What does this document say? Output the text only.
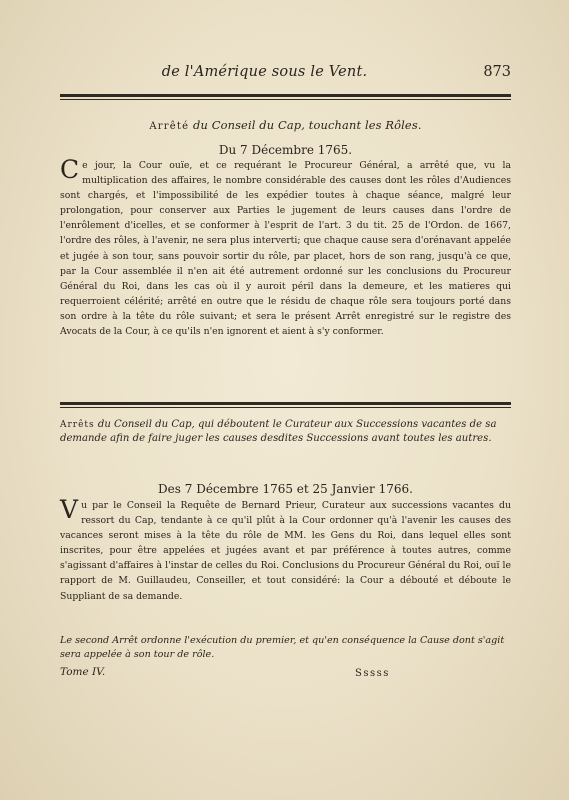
de l'Amérique sous le Vent.	873
Arrêté du Conseil du Cap, touchant les Rôles.
Du 7 Décembre 1765.
Ce jour, la Cour ouïe, et ce requérant le Procureur Général, a arrêté que, vu la multiplication des affaires, le nombre considérable des causes dont les rôles d'Audiences sont chargés, et l'impossibilité de les expédier toutes à chaque séance, malgré leur prolongation, pour conserver aux Parties le jugement de leurs causes dans l'ordre de l'enrôlement d'icelles, et se conformer à l'esprit de l'art. 3 du tit. 25 de l'Ordon. de 1667, l'ordre des rôles, à l'avenir, ne sera plus interverti; que chaque cause sera d'orénavant appelée et jugée à son tour, sans pouvoir sortir du rôle, par placet, hors de son rang, jusqu'à ce que, par la Cour assemblée il n'en ait été autrement ordonné sur les conclusions du Procureur Général du Roi, dans les cas où il y auroit péril dans la demeure, et les matieres qui requerroient célérité; arrêté en outre que le résidu de chaque rôle sera toujours porté dans son ordre à la tête du rôle suivant; et sera le présent Arrêt enregistré sur le registre des Avocats de la Cour, à ce qu'ils n'en ignorent et aient à s'y conformer.
Arrêts du Conseil du Cap, qui déboutent le Curateur aux Successions vacantes de sa demande afin de faire juger les causes desdites Successions avant toutes les autres.
Des 7 Décembre 1765 et 25 Janvier 1766.
Vu par le Conseil la Requête de Bernard Prieur, Curateur aux successions vacantes du ressort du Cap, tendante à ce qu'il plût à la Cour ordonner qu'à l'avenir les causes des vacances seront mises à la tête du rôle de MM. les Gens du Roi, dans lequel elles sont inscrites, pour être appelées et jugées avant et par préférence à toutes autres, comme s'agissant d'affaires à l'instar de celles du Roi. Conclusions du Procureur Général du Roi, ouï le rapport de M. Guillaudeu, Conseiller, et tout considéré: la Cour a débouté et déboute le Suppliant de sa demande.
Le second Arrêt ordonne l'exécution du premier, et qu'en conséquence la Cause dont s'agit sera appelée à son tour de rôle.
Tome IV.	Sssss
